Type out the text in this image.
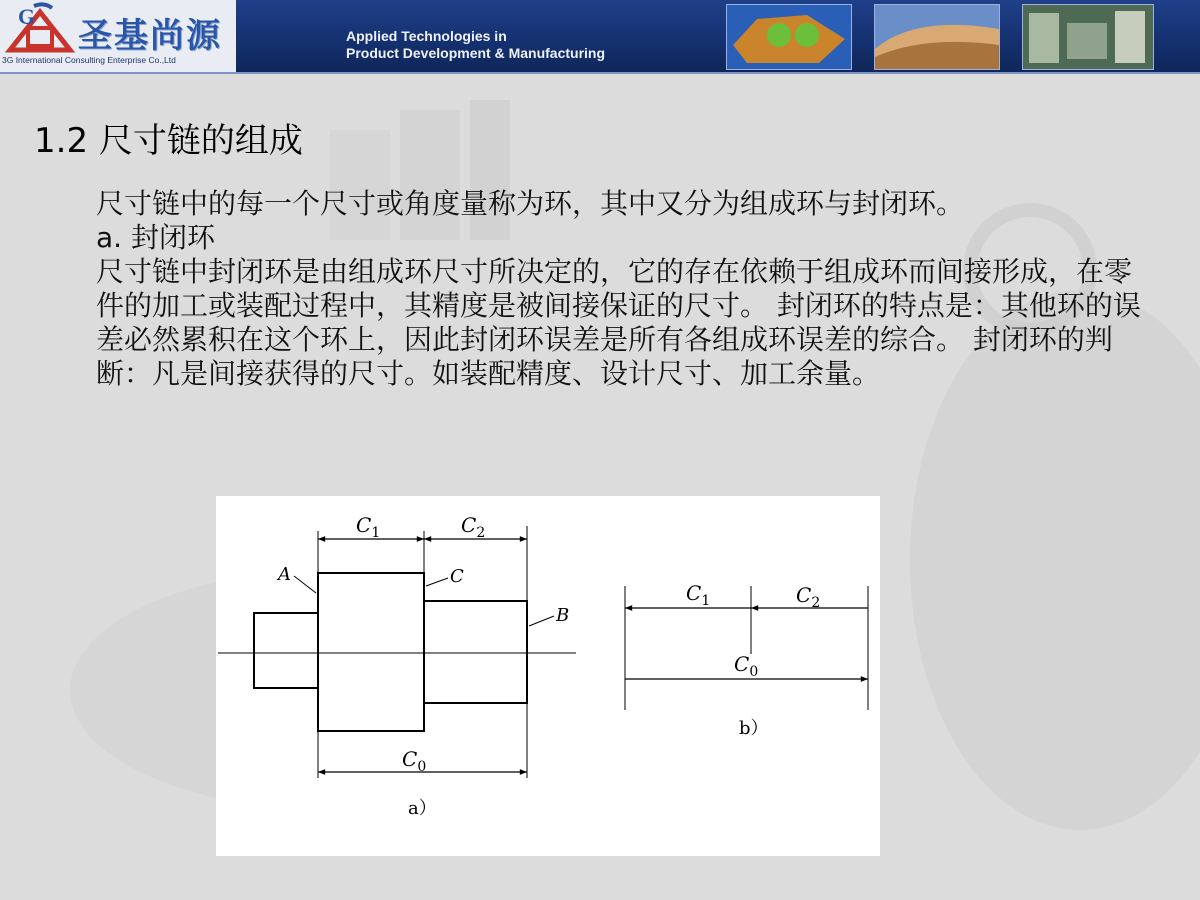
G 圣基尚源
3G International Consulting Enterprise Co.,Ltd
Applied Technologies in
Product Development & Manufacturing
1.2 尺寸链的组成

尺寸链中的每一个尺寸或角度量称为环，其中又分为组成环与封闭环。

a. 封闭环

尺寸链中封闭环是由组成环尺寸所决定的，它的存在依赖于组成环而间接形成，在零件的加工或装配过程中，其精度是被间接保证的尺寸。 封闭环的特点是：其他环的误差必然累积在这个环上，因此封闭环误差是所有各组成环误差的综合。 封闭环的判断：凡是间接获得的尺寸。如装配精度、设计尺寸、加工余量。

$C_1$	$C_2$
$C_0$
A	C
B
a）
$C_1$	$C_2$
$C_0$
b）
